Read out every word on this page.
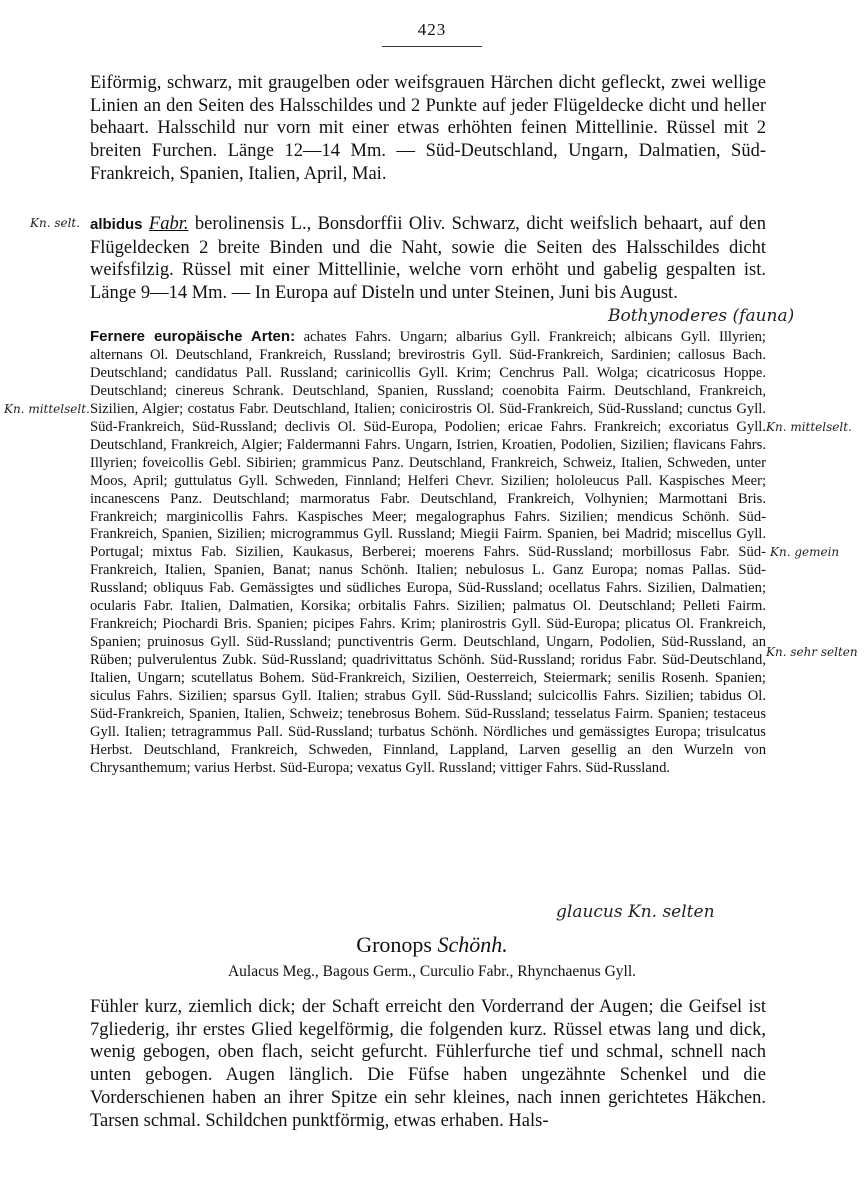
423

Eiförmig, schwarz, mit graugelben oder weifsgrauen Härchen dicht gefleckt, zwei wellige Linien an den Seiten des Halsschildes und 2 Punkte auf jeder Flügeldecke dicht und heller behaart. Halsschild nur vorn mit einer etwas erhöhten feinen Mittellinie. Rüssel mit 2 breiten Furchen. Länge 12—14 Mm. — Süd-Deutschland, Ungarn, Dalmatien, Süd-Frankreich, Spanien, Italien, April, Mai.

albidus Fabr. berolinensis L., Bonsdorffii Oliv. Schwarz, dicht weifslich behaart, auf den Flügeldecken 2 breite Binden und die Naht, sowie die Seiten des Halsschildes dicht weifsfilzig. Rüssel mit einer Mittellinie, welche vorn erhöht und gabelig gespalten ist. Länge 9—14 Mm. — In Europa auf Disteln und unter Steinen, Juni bis August.

Fernere europäische Arten: achates Fahrs. Ungarn; albarius Gyll. Frankreich; albicans Gyll. Illyrien; alternans Ol. Deutschland, Frankreich, Russland; brevirostris Gyll. Süd-Frankreich, Sardinien; callosus Bach. Deutschland; candidatus Pall. Russland; carinicollis Gyll. Krim; Cenchrus Pall. Wolga; cicatricosus Hoppe. Deutschland; cinereus Schrank. Deutschland, Spanien, Russland; coenobita Fairm. Deutschland, Frankreich, Sizilien, Algier; costatus Fabr. Deutschland, Italien; conicirostris Ol. Süd-Frankreich, Süd-Russland; cunctus Gyll. Süd-Frankreich, Süd-Russland; declivis Ol. Süd-Europa, Podolien; ericae Fahrs. Frankreich; excoriatus Gyll. Deutschland, Frankreich, Algier; Faldermanni Fahrs. Ungarn, Istrien, Kroatien, Podolien, Sizilien; flavicans Fahrs. Illyrien; foveicollis Gebl. Sibirien; grammicus Panz. Deutschland, Frankreich, Schweiz, Italien, Schweden, unter Moos, April; guttulatus Gyll. Schweden, Finnland; Helferi Chevr. Sizilien; hololeucus Pall. Kaspisches Meer; incanescens Panz. Deutschland; marmoratus Fabr. Deutschland, Frankreich, Volhynien; Marmottani Bris. Frankreich; marginicollis Fahrs. Kaspisches Meer; megalographus Fahrs. Sizilien; mendicus Schönh. Süd-Frankreich, Spanien, Sizilien; microgrammus Gyll. Russland; Miegii Fairm. Spanien, bei Madrid; miscellus Gyll. Portugal; mixtus Fab. Sizilien, Kaukasus, Berberei; moerens Fahrs. Süd-Russland; morbillosus Fabr. Süd-Frankreich, Italien, Spanien, Banat; nanus Schönh. Italien; nebulosus L. Ganz Europa; nomas Pallas. Süd-Russland; obliquus Fab. Gemässigtes und südliches Europa, Süd-Russland; ocellatus Fahrs. Sizilien, Dalmatien; ocularis Fabr. Italien, Dalmatien, Korsika; orbitalis Fahrs. Sizilien; palmatus Ol. Deutschland; Pelleti Fairm. Frankreich; Piochardi Bris. Spanien; picipes Fahrs. Krim; planirostris Gyll. Süd-Europa; plicatus Ol. Frankreich, Spanien; pruinosus Gyll. Süd-Russland; punctiventris Germ. Deutschland, Ungarn, Podolien, Süd-Russland, an Rüben; pulverulentus Zubk. Süd-Russland; quadrivittatus Schönh. Süd-Russland; roridus Fabr. Süd-Deutschland, Italien, Ungarn; scutellatus Bohem. Süd-Frankreich, Sizilien, Oesterreich, Steiermark; senilis Rosenh. Spanien; siculus Fahrs. Sizilien; sparsus Gyll. Italien; strabus Gyll. Süd-Russland; sulcicollis Fahrs. Sizilien; tabidus Ol. Süd-Frankreich, Spanien, Italien, Schweiz; tenebrosus Bohem. Süd-Russland; tesselatus Fairm. Spanien; testaceus Gyll. Italien; tetragrammus Pall. Süd-Russland; turbatus Schönh. Nördliches und gemässigtes Europa; trisulcatus Herbst. Deutschland, Frankreich, Schweden, Finnland, Lappland, Larven gesellig an den Wurzeln von Chrysanthemum; varius Herbst. Süd-Europa; vexatus Gyll. Russland; vittiger Fahrs. Süd-Russland.

Gronops Schönh.
Aulacus Meg., Bagous Germ., Curculio Fabr., Rhynchaenus Gyll.

Fühler kurz, ziemlich dick; der Schaft erreicht den Vorderrand der Augen; die Geifsel ist 7gliederig, ihr erstes Glied kegelförmig, die folgenden kurz. Rüssel etwas lang und dick, wenig gebogen, oben flach, seicht gefurcht. Fühlerfurche tief und schmal, schnell nach unten gebogen. Augen länglich. Die Füfse haben ungezähnte Schenkel und die Vorderschienen haben an ihrer Spitze ein sehr kleines, nach innen gerichtetes Häkchen. Tarsen schmal. Schildchen punktförmig, etwas erhaben. Hals-

Kn. selt.
Bothynoderes (fauna)
Kn. mittelselt.
Kn. mittelselt.
Kn. gemein
Kn. sehr selten
glaucus Kn. selten
